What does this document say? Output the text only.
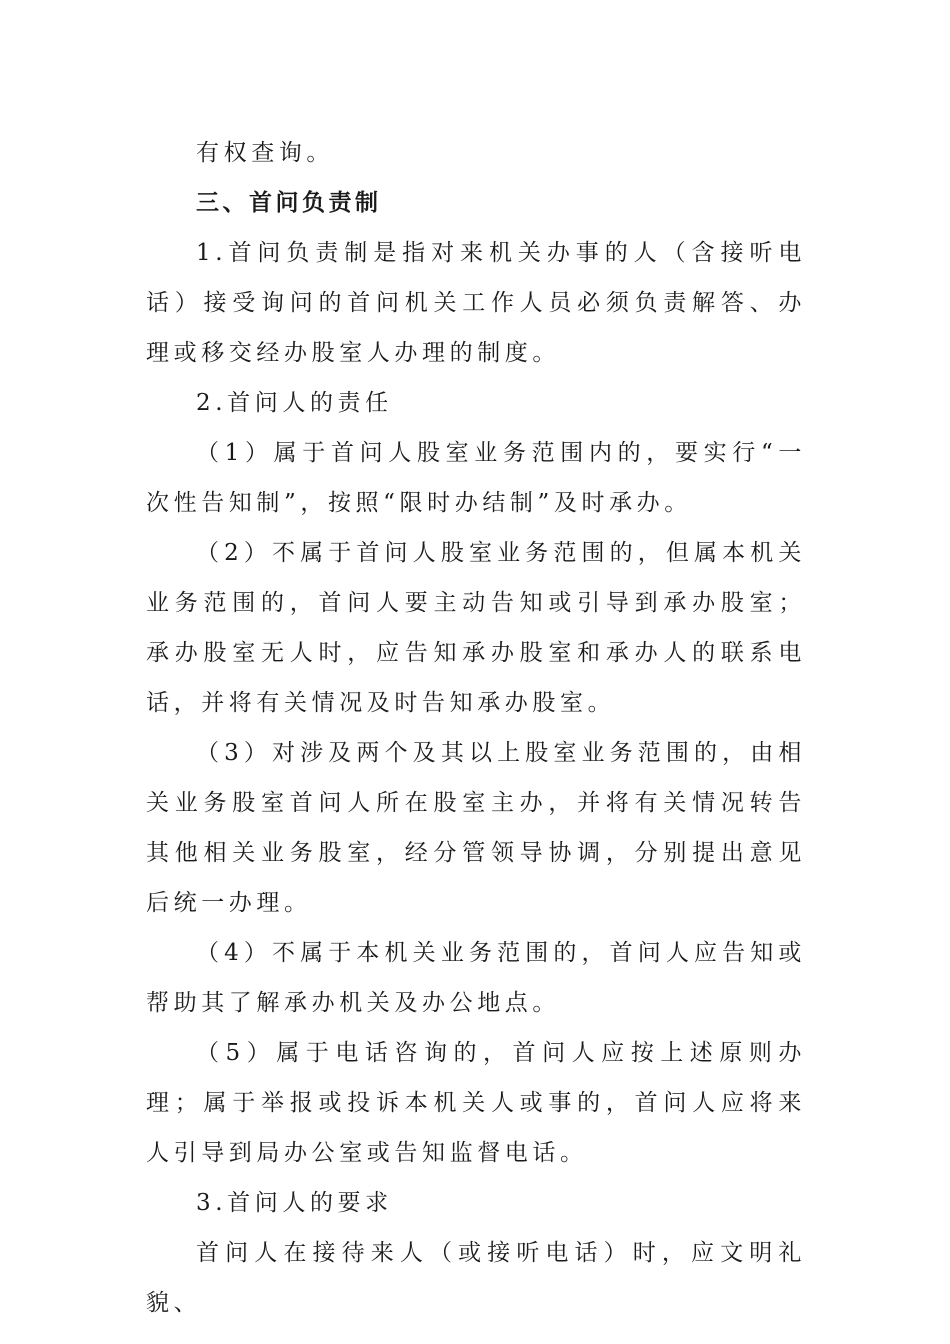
有权查询。

三、首问负责制

1.首问负责制是指对来机关办事的人（含接听电话）接受询问的首问机关工作人员必须负责解答、办理或移交经办股室人办理的制度。

2.首问人的责任

（1）属于首问人股室业务范围内的，要实行“一次性告知制”，按照“限时办结制”及时承办。

（2）不属于首问人股室业务范围的，但属本机关业务范围的，首问人要主动告知或引导到承办股室；承办股室无人时，应告知承办股室和承办人的联系电话，并将有关情况及时告知承办股室。

（3）对涉及两个及其以上股室业务范围的，由相关业务股室首问人所在股室主办，并将有关情况转告其他相关业务股室，经分管领导协调，分别提出意见后统一办理。

（4）不属于本机关业务范围的，首问人应告知或帮助其了解承办机关及办公地点。

（5）属于电话咨询的，首问人应按上述原则办理；属于举报或投诉本机关人或事的，首问人应将来人引导到局办公室或告知监督电话。

3.首问人的要求

首问人在接待来人（或接听电话）时，应文明礼貌、
